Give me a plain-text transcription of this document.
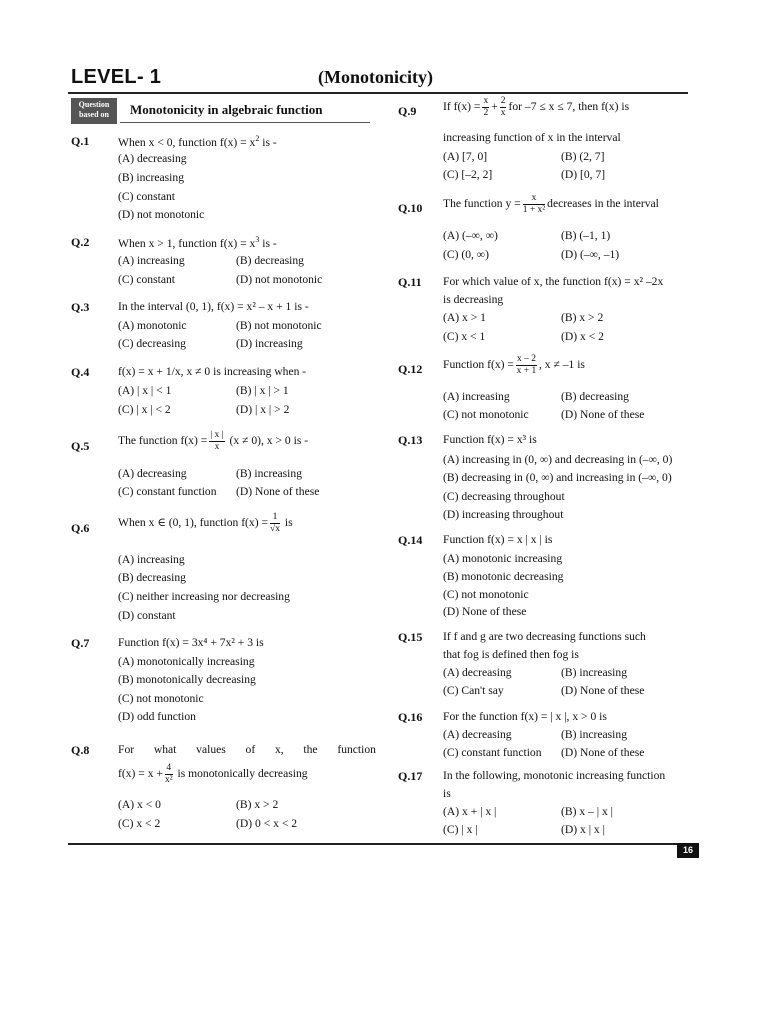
LEVEL- 1	(Monotonicity)
Question
based on	Monotonicity in algebraic function
Q.1 When x < 0, function $f(x) = x^2$ is -
(A) decreasing
(B) increasing
(C) constant
(D) not monotonic
Q.2 When x > 1, function $f(x) = x^3$ is -
(A) increasing	(B) decreasing
(C) constant	(D) not monotonic
Q.3 In the interval (0, 1), f(x) = x² – x + 1 is -
(A) monotonic	(B) not monotonic
(C) decreasing	(D) increasing
Q.4 f(x) = x + 1/x, x ≠ 0 is increasing when -
(A) | x | < 1	(B) | x | > 1
(C) | x | < 2	(D) | x | > 2
Q.5 The function $f(x) = \frac{| x |}{x} (x \ne 0)$, x > 0 is -
(A) decreasing	(B) increasing
(C) constant function (D) None of these
Q.6 When x ∈ (0, 1), function $f(x) = \frac{1}{√x}$ is
(A) increasing
(B) decreasing
(C) neither increasing nor decreasing
(D) constant
Q.7 Function f(x) = 3x⁴ + 7x² + 3 is
(A) monotonically increasing
(B) monotonically decreasing
(C) not monotonic
(D) odd function
Q.8 For what values of x, the function
$f(x) = x + \frac{4}{\text{x²}}$ is monotonically decreasing
(A) x < 0	(B) x > 2
(C) x < 2	(D) 0 < x < 2
Q.9 If $f(x) = \frac{x}{2} + \frac{2}{x}$ for –7 ≤ x ≤ 7, then f(x) is
increasing function of x in the interval
(A) [7, 0]	(B) (2, 7]
(C) [–2, 2]	(D) [0, 7]
Q.10 The function $y = \frac{x}{\text{1 + x²}}$ decreases in the interval
(A) (–∞, ∞)	(B) (–1, 1)
(C) (0, ∞)	(D) (–∞, –1)
Q.11 For which value of x, the function f(x) = x² –2x
is decreasing
(A) x > 1	(B) x > 2
(C) x < 1	(D) x < 2
Q.12 Function $f(x) = \frac{x - 2}{x + 1}$ , x ≠ –1 is
(A) increasing	(B) decreasing
(C) not monotonic	(D) None of these
Q.13 Function f(x) = x³ is
(A) increasing in (0, ∞) and decreasing in (–∞, 0)
(B) decreasing in (0, ∞) and increasing in (–∞, 0)
(C) decreasing throughout
(D) increasing throughout
Q.14 Function f(x) = x | x | is
(A) monotonic increasing
(B) monotonic decreasing
(C) not monotonic
(D) None of these
Q.15 If f and g are two decreasing functions such
that fog is defined then fog is
(A) decreasing	(B) increasing
(C) Can't say	(D) None of these
Q.16 For the function f(x) = | x |, x > 0 is
(A) decreasing	(B) increasing
(C) constant function (D) None of these
Q.17 In the following, monotonic increasing function
is
(A) x + | x |	(B) x – | x |
(C) | x |	(D) x | x |
16
